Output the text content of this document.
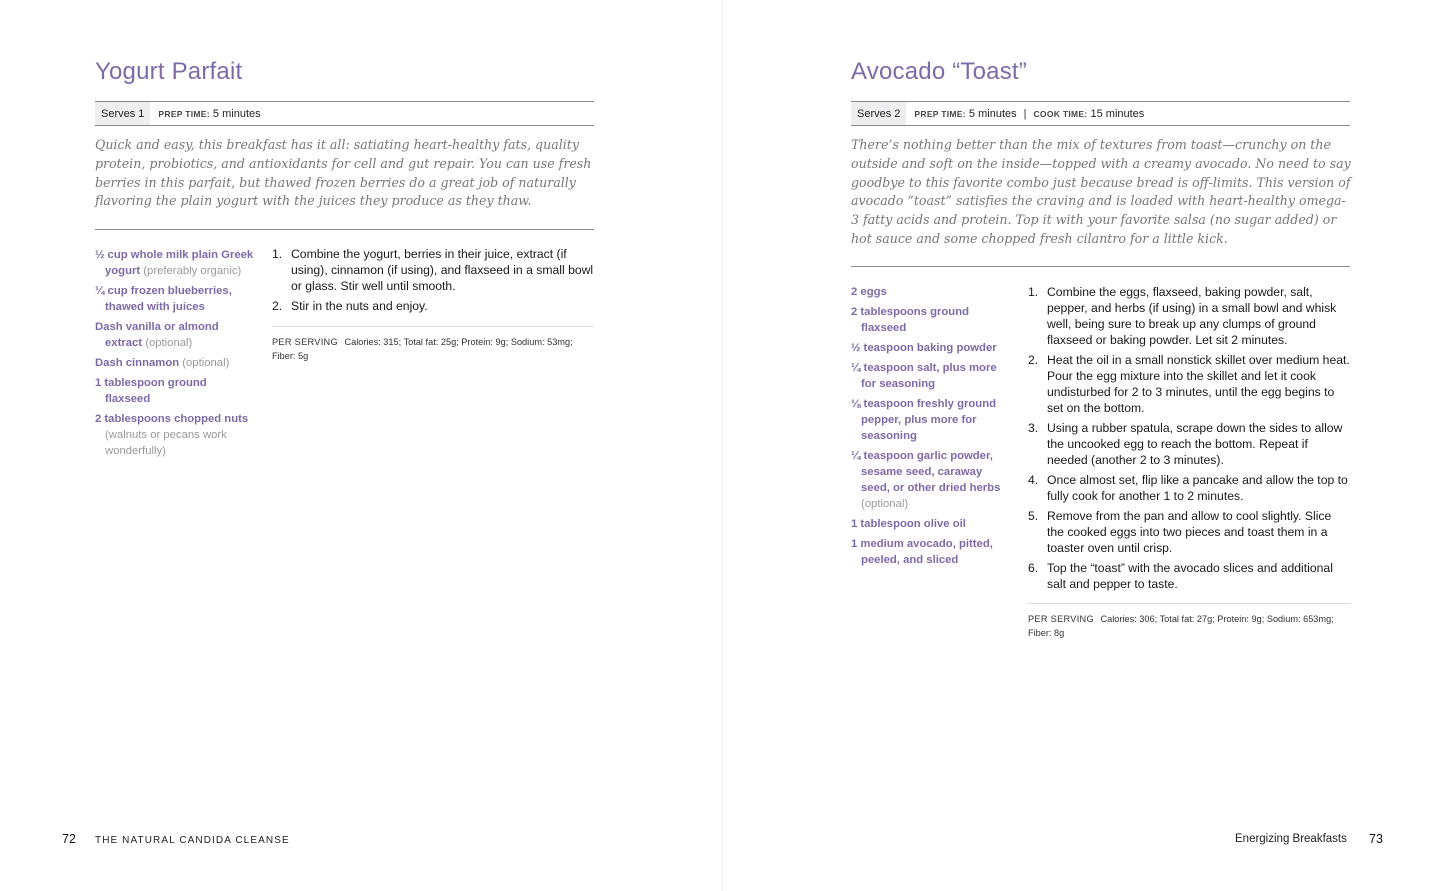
Yogurt Parfait
Serves 1	PREP TIME: 5 minutes
Quick and easy, this breakfast has it all: satiating heart-healthy fats, quality protein, probiotics, and antioxidants for cell and gut repair. You can use fresh berries in this parfait, but thawed frozen berries do a great job of naturally flavoring the plain yogurt with the juices they produce as they thaw.
½ cup whole milk plain Greek yogurt (preferably organic)
¼ cup frozen blueberries, thawed with juices
Dash vanilla or almond extract (optional)
Dash cinnamon (optional)
1 tablespoon ground flaxseed
2 tablespoons chopped nuts (walnuts or pecans work wonderfully)
1. Combine the yogurt, berries in their juice, extract (if using), cinnamon (if using), and flaxseed in a small bowl or glass. Stir well until smooth.
2. Stir in the nuts and enjoy.
PER SERVING Calories: 315; Total fat: 25g; Protein: 9g; Sodium: 53mg; Fiber: 5g
72 THE NATURAL CANDIDA CLEANSE
Avocado “Toast”
Serves 2	PREP TIME: 5 minutes | COOK TIME: 15 minutes
There’s nothing better than the mix of textures from toast—crunchy on the outside and soft on the inside—topped with a creamy avocado. No need to say goodbye to this favorite combo just because bread is off-limits. This version of avocado “toast” satisfies the craving and is loaded with heart-healthy omega-3 fatty acids and protein. Top it with your favorite salsa (no sugar added) or hot sauce and some chopped fresh cilantro for a little kick.
2 eggs
2 tablespoons ground flaxseed
½ teaspoon baking powder
¼ teaspoon salt, plus more for seasoning
⅛ teaspoon freshly ground pepper, plus more for seasoning
¼ teaspoon garlic powder, sesame seed, caraway seed, or other dried herbs (optional)
1 tablespoon olive oil
1 medium avocado, pitted, peeled, and sliced
1. Combine the eggs, flaxseed, baking powder, salt, pepper, and herbs (if using) in a small bowl and whisk well, being sure to break up any clumps of ground flaxseed or baking powder. Let sit 2 minutes.
2. Heat the oil in a small nonstick skillet over medium heat. Pour the egg mixture into the skillet and let it cook undisturbed for 2 to 3 minutes, until the egg begins to set on the bottom.
3. Using a rubber spatula, scrape down the sides to allow the uncooked egg to reach the bottom. Repeat if needed (another 2 to 3 minutes).
4. Once almost set, flip like a pancake and allow the top to fully cook for another 1 to 2 minutes.
5. Remove from the pan and allow to cool slightly. Slice the cooked eggs into two pieces and toast them in a toaster oven until crisp.
6. Top the “toast” with the avocado slices and additional salt and pepper to taste.
PER SERVING Calories: 306; Total fat: 27g; Protein: 9g; Sodium: 653mg; Fiber: 8g
Energizing Breakfasts 73
